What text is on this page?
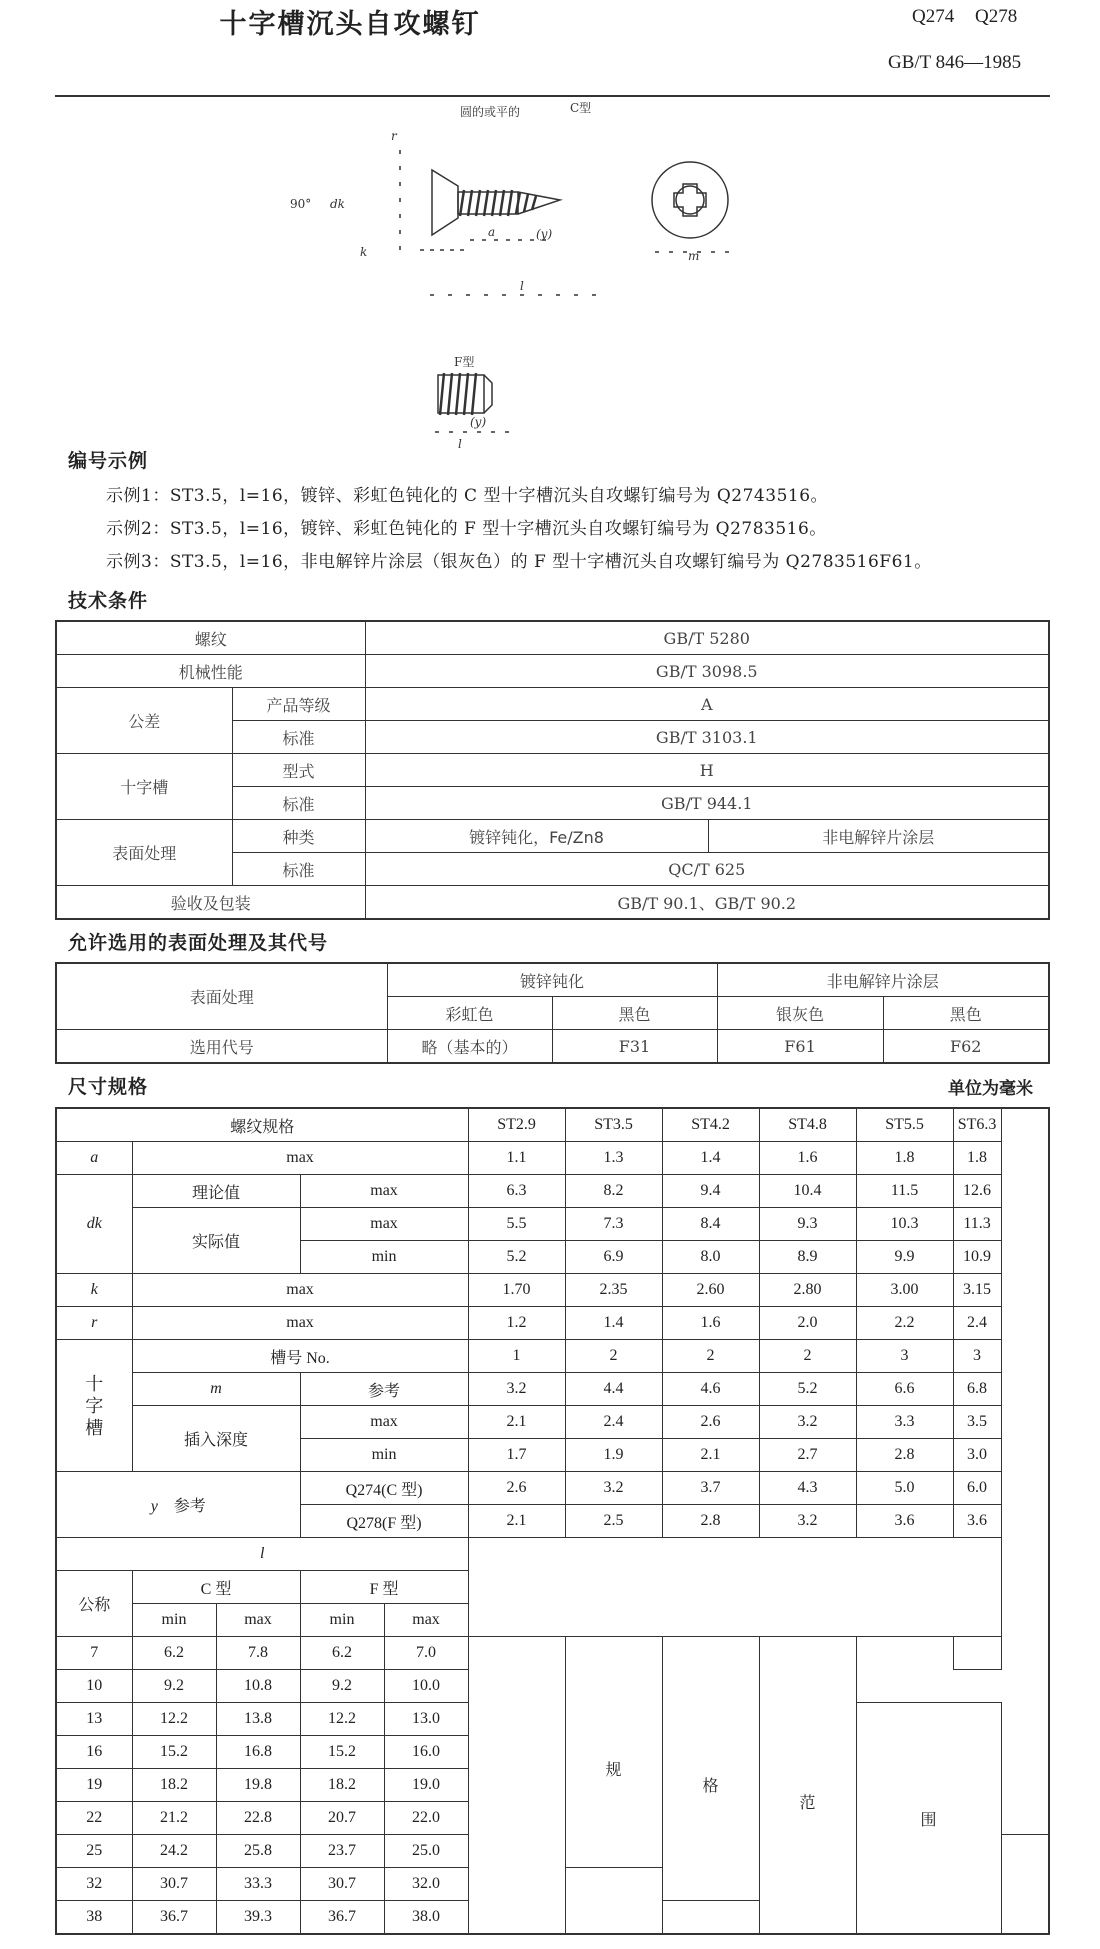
十字槽沉头自攻螺钉	Q274 Q278
GB/T 846—1985
圆的或平的	C型
r
90° dk
a	(y)
k
l
m
F型
(y)
l
编号示例
示例1：ST3.5，l=16，镀锌、彩虹色钝化的 C 型十字槽沉头自攻螺钉编号为 Q2743516。
示例2：ST3.5，l=16，镀锌、彩虹色钝化的 F 型十字槽沉头自攻螺钉编号为 Q2783516。
示例3：ST3.5，l=16，非电解锌片涂层（银灰色）的 F 型十字槽沉头自攻螺钉编号为 Q2783516F61。
技术条件
螺纹		GB/T 5280	
机械性能		GB/T 3098.5	
公差	产品等级	A	
	标准	GB/T 3103.1	
十字槽	型式	H	
	标准	GB/T 944.1	
表面处理	种类	镀锌钝化，Fe/Zn8	非电解锌片涂层
	标准	QC/T 625	
验收及包装		GB/T 90.1、GB/T 90.2	
允许选用的表面处理及其代号
表面处理	镀锌钝化		非电解锌片涂层	
	彩虹色	黑色	银灰色	黑色
选用代号	略（基本的）	F31	F61	F62
尺寸规格	单位为毫米
螺纹规格					ST2.9	ST3.5	ST4.2	ST4.8	ST5.5	ST6.3	
a	max				1.1	1.3	1.4	1.6	1.8	1.8	
dk	理论值		max		6.3	8.2	9.4	10.4	11.5	12.6	
	实际值		max		5.5	7.3	8.4	9.3	10.3	11.3	
			min		5.2	6.9	8.0	8.9	9.9	10.9	
k	max				1.70	2.35	2.60	2.80	3.00	3.15	
r	max				1.2	1.4	1.6	2.0	2.2	2.4	
十字槽	槽号 No.				1	2	2	2	3	3	
	m		参考		3.2	4.4	4.6	5.2	6.6	6.8	
	插入深度		max		2.1	2.4	2.6	3.2	3.3	3.5	
			min		1.7	1.9	2.1	2.7	2.8	3.0	
y 参考			Q274(C 型)		2.6	3.2	3.7	4.3	5.0	6.0	
			Q278(F 型)		2.1	2.5	2.8	3.2	3.6	3.6	
l											
公称	C 型		F 型								
	min	max	min	max							
7	6.2	7.8	6.2	7.0							
10	9.2	10.8	9.2	10.0		规	格	范			
13	12.2	13.8	12.2	13.0					围		
16	15.2	16.8	15.2	16.0							
19	18.2	19.8	18.2	19.0							
22	21.2	22.8	20.7	22.0							
25	24.2	25.8	23.7	25.0							
32	30.7	33.3	30.7	32.0							
38	36.7	39.3	36.7	38.0							
